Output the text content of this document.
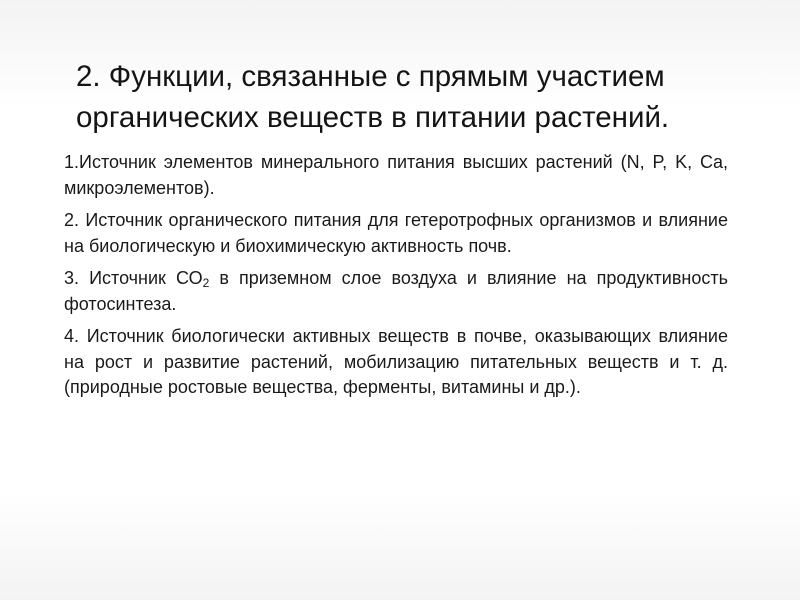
2. Функции, связанные с прямым участием
органических веществ в питании растений.

1.Источник элементов минерального питания высших растений (N, P, K, Ca, микроэлементов).

2. Источник органического питания для гетеротрофных организмов и влияние на биологическую и биохимическую активность почв.

3. Источник $СО_2$ в приземном слое воздуха и влияние на продуктивность фотосинтеза.

4. Источник биологически активных веществ в почве, оказывающих влияние на рост и развитие растений, мобилизацию питательных веществ и т. д. (природные ростовые вещества, ферменты, витамины и др.).
